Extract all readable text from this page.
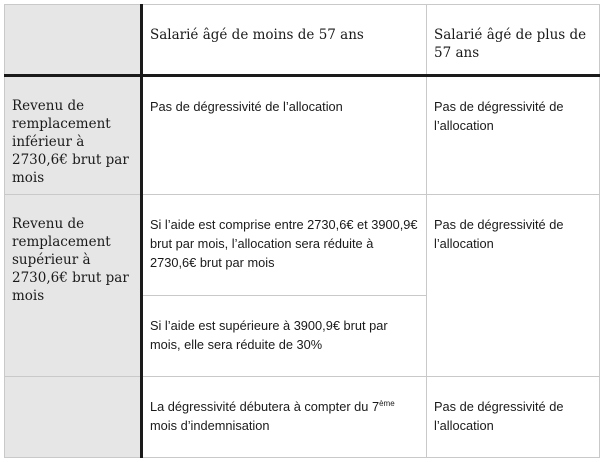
	Salarié âgé de moins de 57 ans	Salarié âgé de plus de 57 ans

Revenu de remplacement inférieur à 2730,6€ brut par mois	Pas de dégressivité de l’allocation	Pas de dégressivité de l’allocation

Revenu de remplacement supérieur à 2730,6€ brut par mois	Si l’aide est comprise entre 2730,6€ et 3900,9€ brut par mois, l’allocation sera réduite à 2730,6€ brut par mois	Pas de dégressivité de l’allocation

	Si l’aide est supérieure à 3900,9€ brut par mois, elle sera réduite de 30%	

	La dégressivité débutera à compter du 7ème mois d’indemnisation	Pas de dégressivité de l’allocation
